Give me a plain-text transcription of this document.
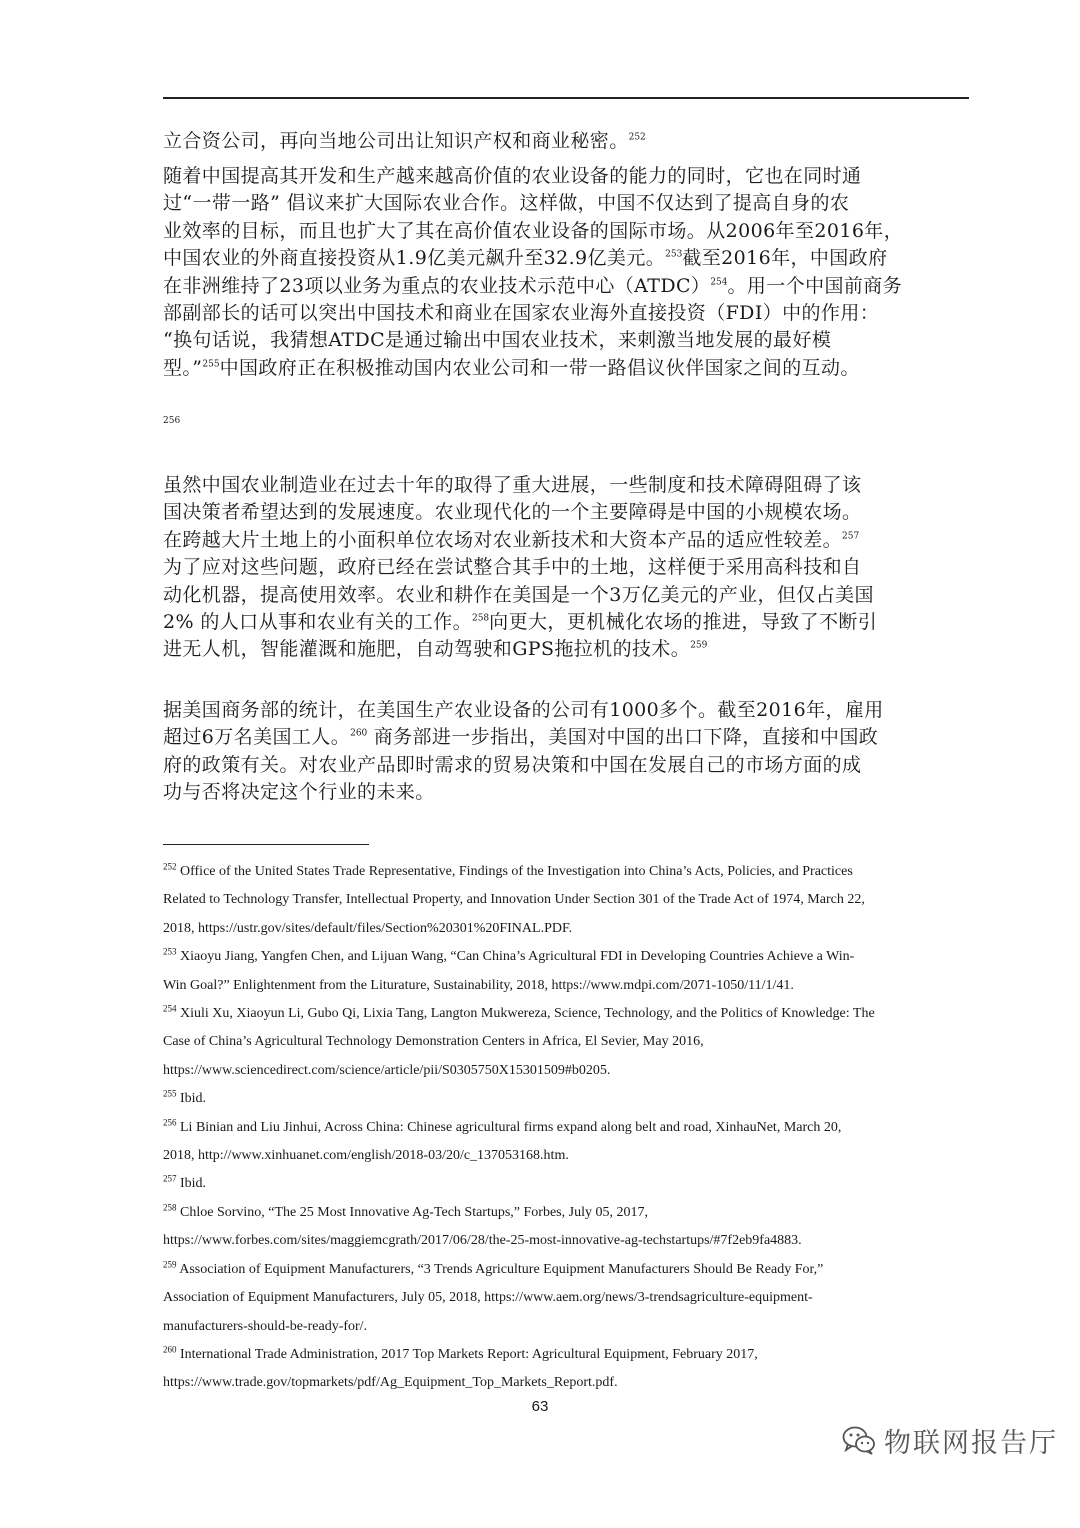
立合资公司，再向当地公司出让知识产权和商业秘密。$^{252}$

随着中国提高其开发和生产越来越高价值的农业设备的能力的同时，它也在同时通

过“一带一路” 倡议来扩大国际农业合作。这样做，中国不仅达到了提高自身的农

业效率的目标，而且也扩大了其在高价值农业设备的国际市场。从2006年至2016年，

中国农业的外商直接投资从1.9亿美元飙升至32.9亿美元。$^{253}$截至2016年，中国政府

在非洲维持了23项以业务为重点的农业技术示范中心（ATDC）$^{254}$。用一个中国前商务

部副部长的话可以突出中国技术和商业在国家农业海外直接投资（FDI）中的作用：

“换句话说，我猜想ATDC是通过输出中国农业技术，来刺激当地发展的最好模

型。”$^{255}$中国政府正在积极推动国内农业公司和一带一路倡议伙伴国家之间的互动。

虽然中国农业制造业在过去十年的取得了重大进展，一些制度和技术障碍阻碍了该

国决策者希望达到的发展速度。农业现代化的一个主要障碍是中国的小规模农场。

在跨越大片土地上的小面积单位农场对农业新技术和大资本产品的适应性较差。$^{257}$

为了应对这些问题，政府已经在尝试整合其手中的土地，这样便于采用高科技和自

动化机器，提高使用效率。农业和耕作在美国是一个3万亿美元的产业，但仅占美国

2% 的人口从事和农业有关的工作。$^{258}$向更大，更机械化农场的推进，导致了不断引

进无人机，智能灌溉和施肥，自动驾驶和GPS拖拉机的技术。$^{259}$

据美国商务部的统计，在美国生产农业设备的公司有1000多个。截至2016年，雇用

超过6万名美国工人。$^{260}$ 商务部进一步指出，美国对中国的出口下降，直接和中国政

府的政策有关。对农业产品即时需求的贸易决策和中国在发展自己的市场方面的成

功与否将决定这个行业的未来。

256
$^{252}$ Office of the United States Trade Representative, Findings of the Investigation into China’s Acts, Policies, and Practices
Related to Technology Transfer, Intellectual Property, and Innovation Under Section 301 of the Trade Act of 1974, March 22,
2018, https://ustr.gov/sites/default/files/Section%20301%20FINAL.PDF.
$^{253}$ Xiaoyu Jiang, Yangfen Chen, and Lijuan Wang, “Can China’s Agricultural FDI in Developing Countries Achieve a Win-
Win Goal?” Enlightenment from the Liturature, Sustainability, 2018, https://www.mdpi.com/2071-1050/11/1/41.
$^{254}$ Xiuli Xu, Xiaoyun Li, Gubo Qi, Lixia Tang, Langton Mukwereza, Science, Technology, and the Politics of Knowledge: The
Case of China’s Agricultural Technology Demonstration Centers in Africa, El Sevier, May 2016,
https://www.sciencedirect.com/science/article/pii/S0305750X15301509#b0205.
$^{255}$ Ibid.
$^{256}$ Li Binian and Liu Jinhui, Across China: Chinese agricultural firms expand along belt and road, XinhauNet, March 20,
2018, http://www.xinhuanet.com/english/2018-03/20/c_137053168.htm.
$^{257}$ Ibid.
$^{258}$ Chloe Sorvino, “The 25 Most Innovative Ag-Tech Startups,” Forbes, July 05, 2017,
https://www.forbes.com/sites/maggiemcgrath/2017/06/28/the-25-most-innovative-ag-techstartups/#7f2eb9fa4883.
$^{259}$ Association of Equipment Manufacturers, “3 Trends Agriculture Equipment Manufacturers Should Be Ready For,”
Association of Equipment Manufacturers, July 05, 2018, https://www.aem.org/news/3-trendsagriculture-equipment-
manufacturers-should-be-ready-for/.
$^{260}$ International Trade Administration, 2017 Top Markets Report: Agricultural Equipment, February 2017,
https://www.trade.gov/topmarkets/pdf/Ag_Equipment_Top_Markets_Report.pdf.
63
物联网报告厅
